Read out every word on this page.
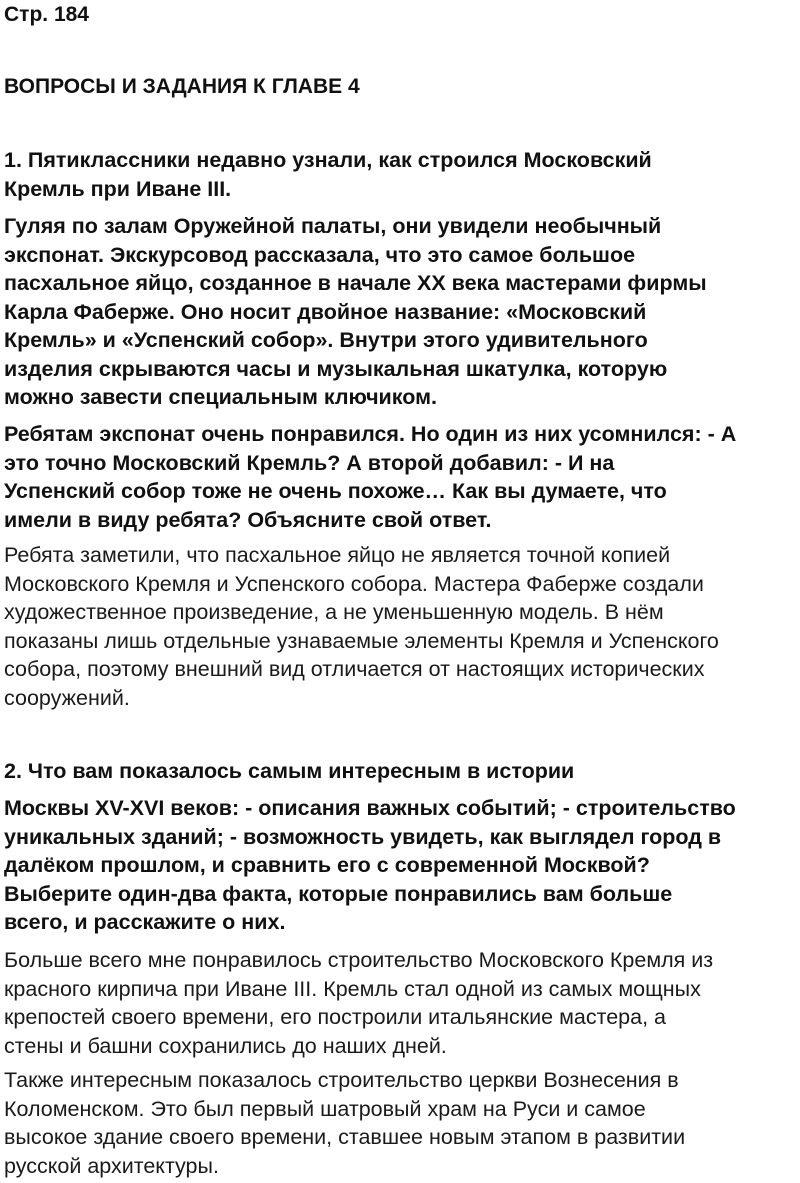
Стр. 184
ВОПРОСЫ И ЗАДАНИЯ К ГЛАВЕ 4

1. Пятиклассники недавно узнали, как строился Московский

Кремль при Иване III.

Гуляя по залам Оружейной палаты, они увидели необычный

экспонат. Экскурсовод рассказала, что это самое большое

пасхальное яйцо, созданное в начале XX века мастерами фирмы

Карла Фаберже. Оно носит двойное название: «Московский

Кремль» и «Успенский собор». Внутри этого удивительного

изделия скрываются часы и музыкальная шкатулка, которую

можно завести специальным ключиком.

Ребятам экспонат очень понравился. Но один из них усомнился: - А

это точно Московский Кремль? А второй добавил: - И на

Успенский собор тоже не очень похоже… Как вы думаете, что

имели в виду ребята? Объясните свой ответ.

Ребята заметили, что пасхальное яйцо не является точной копией

Московского Кремля и Успенского собора. Мастера Фаберже создали

художественное произведение, а не уменьшенную модель. В нём

показаны лишь отдельные узнаваемые элементы Кремля и Успенского

собора, поэтому внешний вид отличается от настоящих исторических

сооружений.

2. Что вам показалось самым интересным в истории

Москвы XV-XVI веков: - описания важных событий; - строительство

уникальных зданий; - возможность увидеть, как выглядел город в

далёком прошлом, и сравнить его с современной Москвой?

Выберите один-два факта, которые понравились вам больше

всего, и расскажите о них.

Больше всего мне понравилось строительство Московского Кремля из

красного кирпича при Иване III. Кремль стал одной из самых мощных

крепостей своего времени, его построили итальянские мастера, а

стены и башни сохранились до наших дней.

Также интересным показалось строительство церкви Вознесения в

Коломенском. Это был первый шатровый храм на Руси и самое

высокое здание своего времени, ставшее новым этапом в развитии

русской архитектуры.
